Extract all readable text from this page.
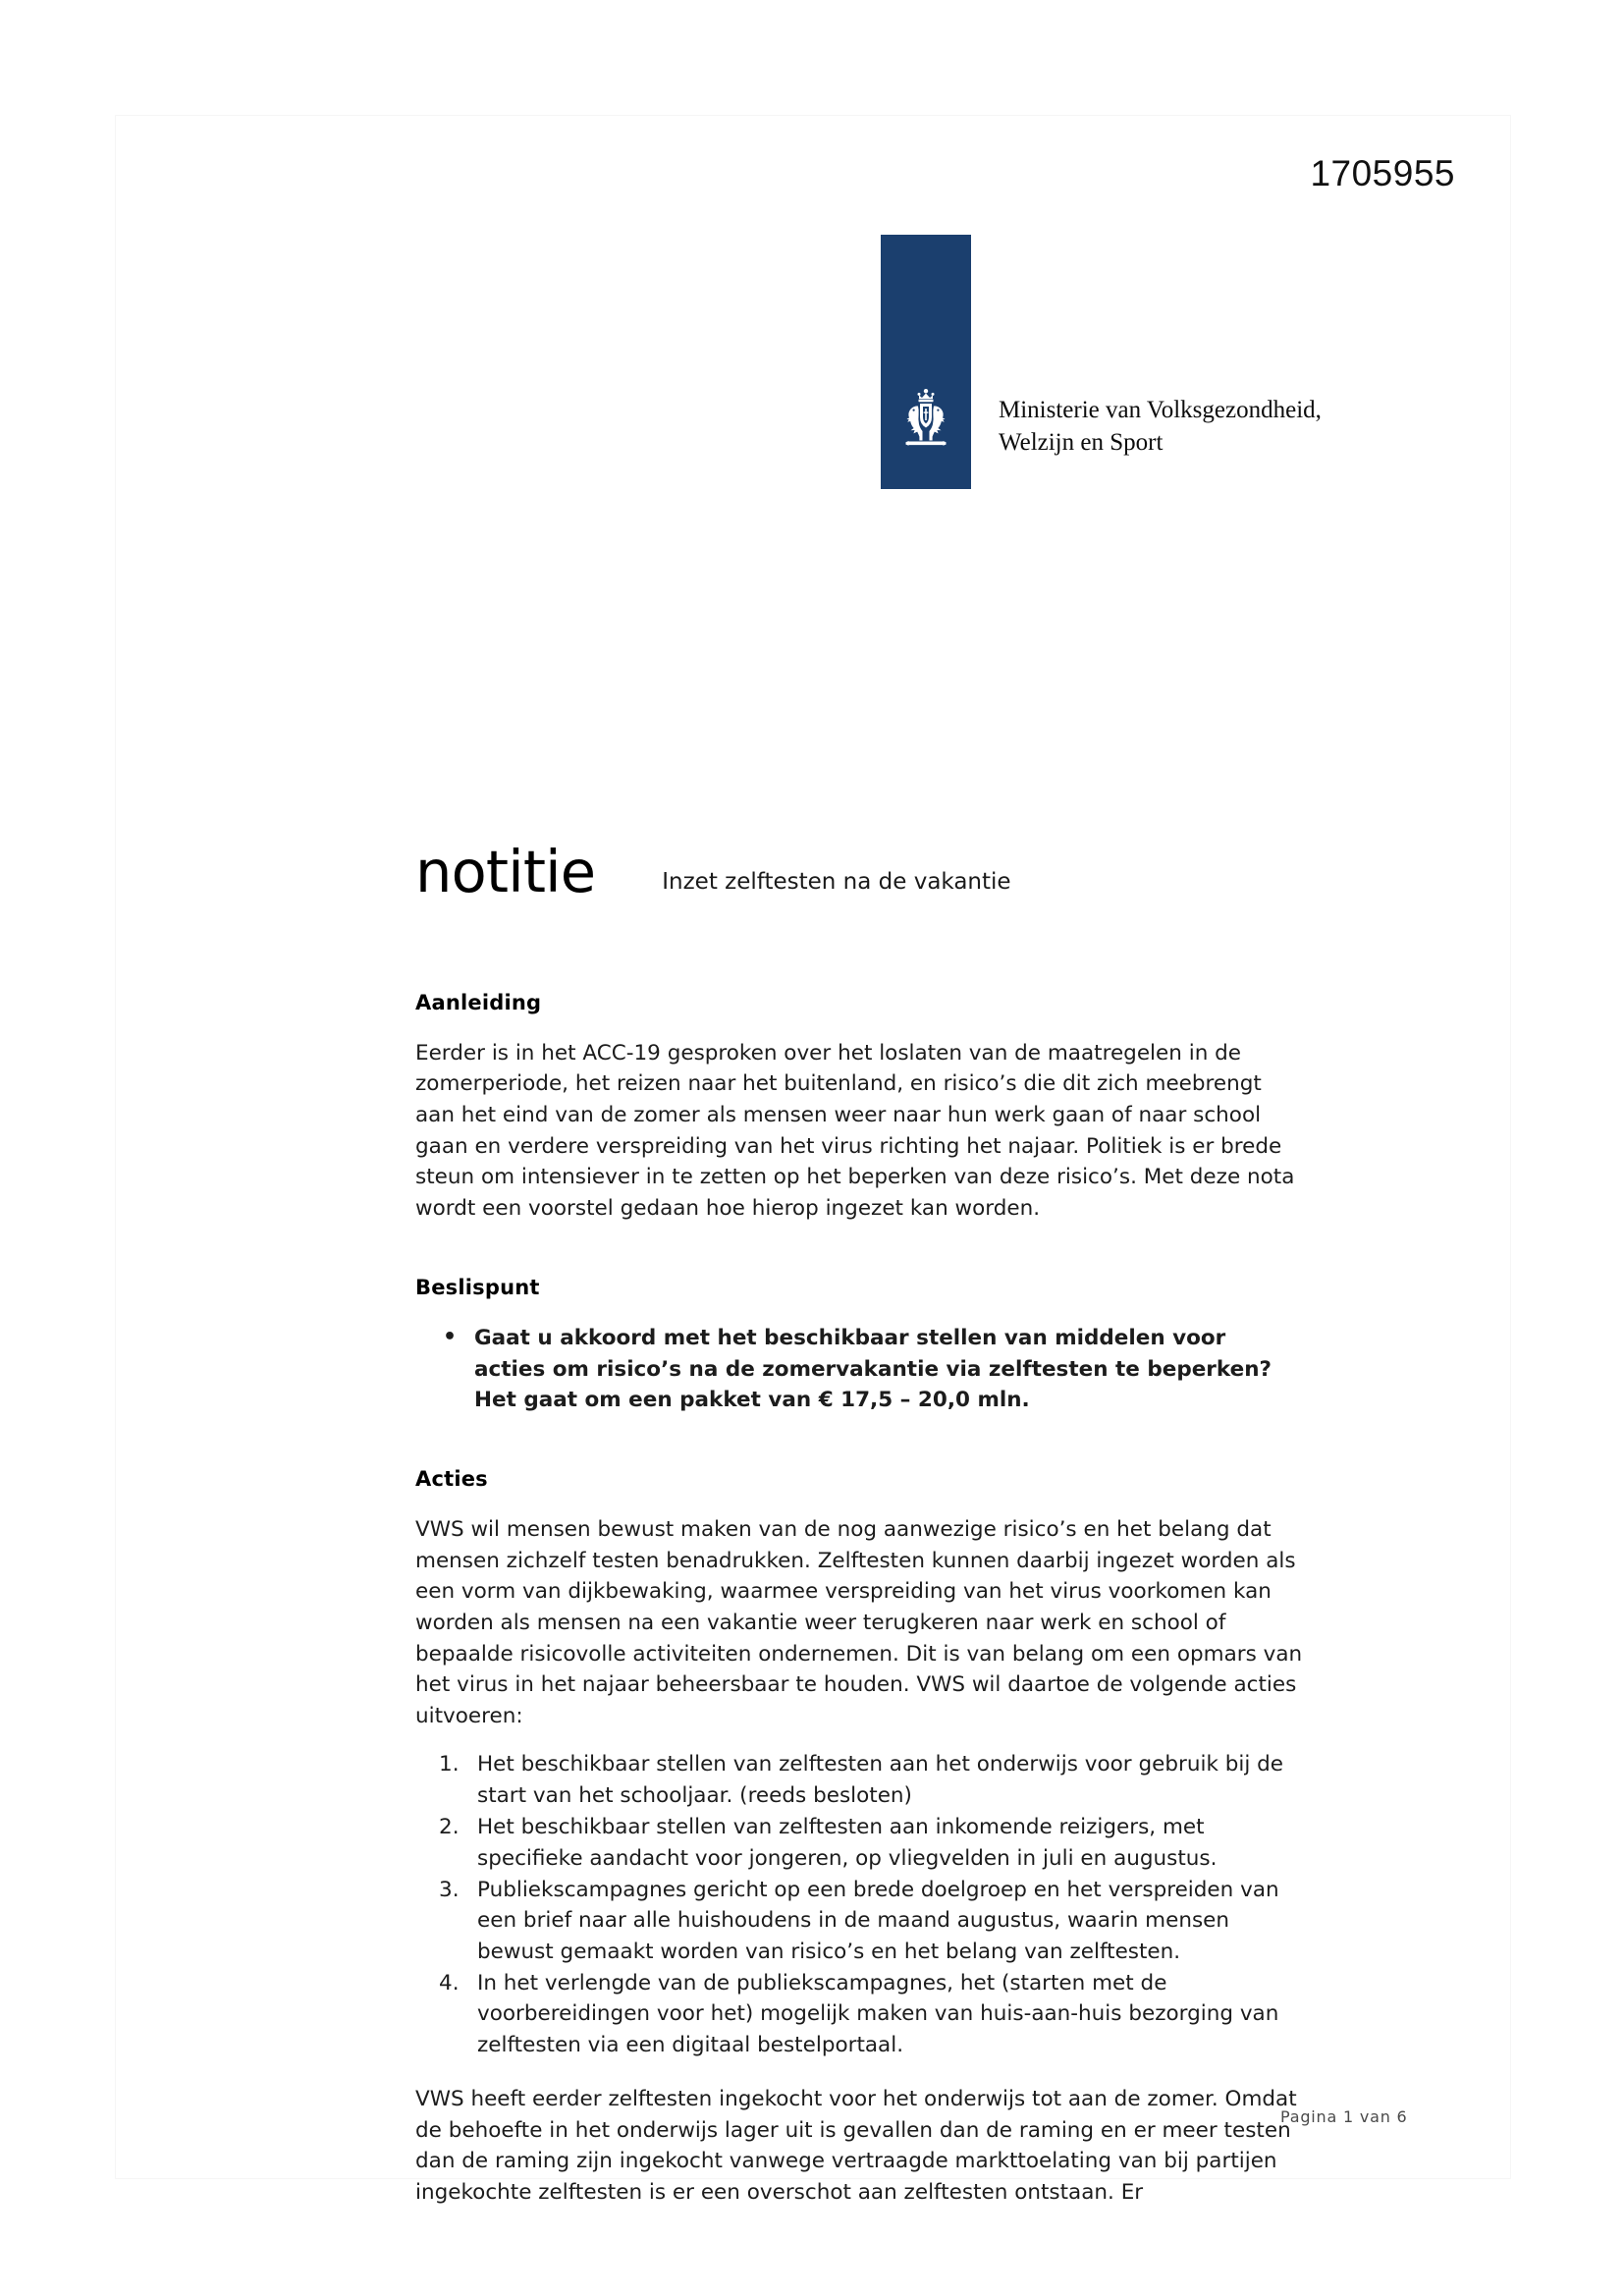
1705955
Ministerie van Volksgezondheid,
Welzijn en Sport
notitie	Inzet zelftesten na de vakantie
Aanleiding

Eerder is in het ACC-19 gesproken over het loslaten van de maatregelen in de zomerperiode, het reizen naar het buitenland, en risico’s die dit zich meebrengt aan het eind van de zomer als mensen weer naar hun werk gaan of naar school gaan en verdere verspreiding van het virus richting het najaar. Politiek is er brede steun om intensiever in te zetten op het beperken van deze risico’s. Met deze nota wordt een voorstel gedaan hoe hierop ingezet kan worden.

Beslispunt
• Gaat u akkoord met het beschikbaar stellen van middelen voor acties om risico’s na de zomervakantie via zelftesten te beperken? Het gaat om een pakket van € 17,5 – 20,0 mln.
Acties

VWS wil mensen bewust maken van de nog aanwezige risico’s en het belang dat mensen zichzelf testen benadrukken. Zelftesten kunnen daarbij ingezet worden als een vorm van dijkbewaking, waarmee verspreiding van het virus voorkomen kan worden als mensen na een vakantie weer terugkeren naar werk en school of bepaalde risicovolle activiteiten ondernemen. Dit is van belang om een opmars van het virus in het najaar beheersbaar te houden. VWS wil daartoe de volgende acties uitvoeren:

Het beschikbaar stellen van zelftesten aan het onderwijs voor gebruik bij de start van het schooljaar. (reeds besloten)
Het beschikbaar stellen van zelftesten aan inkomende reizigers, met specifieke aandacht voor jongeren, op vliegvelden in juli en augustus.
Publiekscampagnes gericht op een brede doelgroep en het verspreiden van een brief naar alle huishoudens in de maand augustus, waarin mensen bewust gemaakt worden van risico’s en het belang van zelftesten.
In het verlengde van de publiekscampagnes, het (starten met de voorbereidingen voor het) mogelijk maken van huis-aan-huis bezorging van zelftesten via een digitaal bestelportaal.

VWS heeft eerder zelftesten ingekocht voor het onderwijs tot aan de zomer. Omdat de behoefte in het onderwijs lager uit is gevallen dan de raming en er meer testen dan de raming zijn ingekocht vanwege vertraagde markttoelating van bij partijen ingekochte zelftesten is er een overschot aan zelftesten ontstaan. Er

Pagina 1 van 6
